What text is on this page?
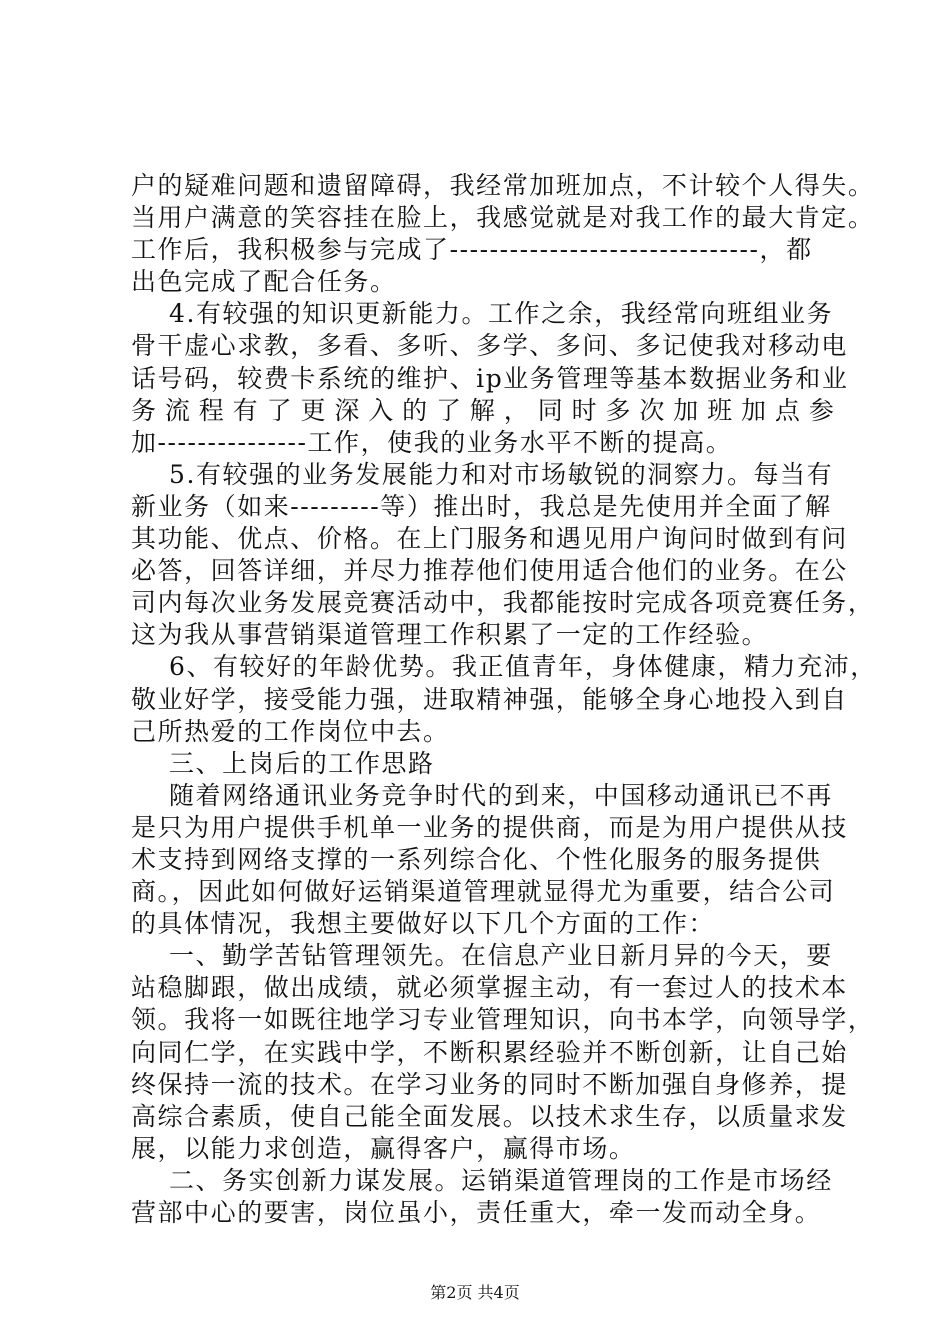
户的疑难问题和遗留障碍，我经常加班加点，不计较个人得失。
当用户满意的笑容挂在脸上，我感觉就是对我工作的最大肯定。
工作后，我积极参与完成了-------------------------------，都
出色完成了配合任务。
4.有较强的知识更新能力。工作之余，我经常向班组业务
骨干虚心求教，多看、多听、多学、多问、多记使我对移动电
话号码，较费卡系统的维护、ip业务管理等基本数据业务和业
务 流 程 有 了 更 深 入 的 了 解 ， 同 时 多 次 加 班 加 点 参
加---------------工作，使我的业务水平不断的提高。
5.有较强的业务发展能力和对市场敏锐的洞察力。每当有
新业务（如来---------等）推出时，我总是先使用并全面了解
其功能、优点、价格。在上门服务和遇见用户询问时做到有问
必答，回答详细，并尽力推荐他们使用适合他们的业务。在公
司内每次业务发展竞赛活动中，我都能按时完成各项竞赛任务，
这为我从事营销渠道管理工作积累了一定的工作经验。
6、有较好的年龄优势。我正值青年，身体健康，精力充沛，
敬业好学，接受能力强，进取精神强，能够全身心地投入到自
己所热爱的工作岗位中去。
三、上岗后的工作思路
随着网络通讯业务竞争时代的到来，中国移动通讯已不再
是只为用户提供手机单一业务的提供商，而是为用户提供从技
术支持到网络支撑的一系列综合化、个性化服务的服务提供
商。，因此如何做好运销渠道管理就显得尤为重要，结合公司
的具体情况，我想主要做好以下几个方面的工作：
一、勤学苦钻管理领先。在信息产业日新月异的今天，要
站稳脚跟，做出成绩，就必须掌握主动，有一套过人的技术本
领。我将一如既往地学习专业管理知识，向书本学，向领导学，
向同仁学，在实践中学，不断积累经验并不断创新，让自己始
终保持一流的技术。在学习业务的同时不断加强自身修养，提
高综合素质，使自己能全面发展。以技术求生存，以质量求发
展，以能力求创造，赢得客户，赢得市场。
二、务实创新力谋发展。运销渠道管理岗的工作是市场经
营部中心的要害，岗位虽小，责任重大，牵一发而动全身。
第2页 共4页
